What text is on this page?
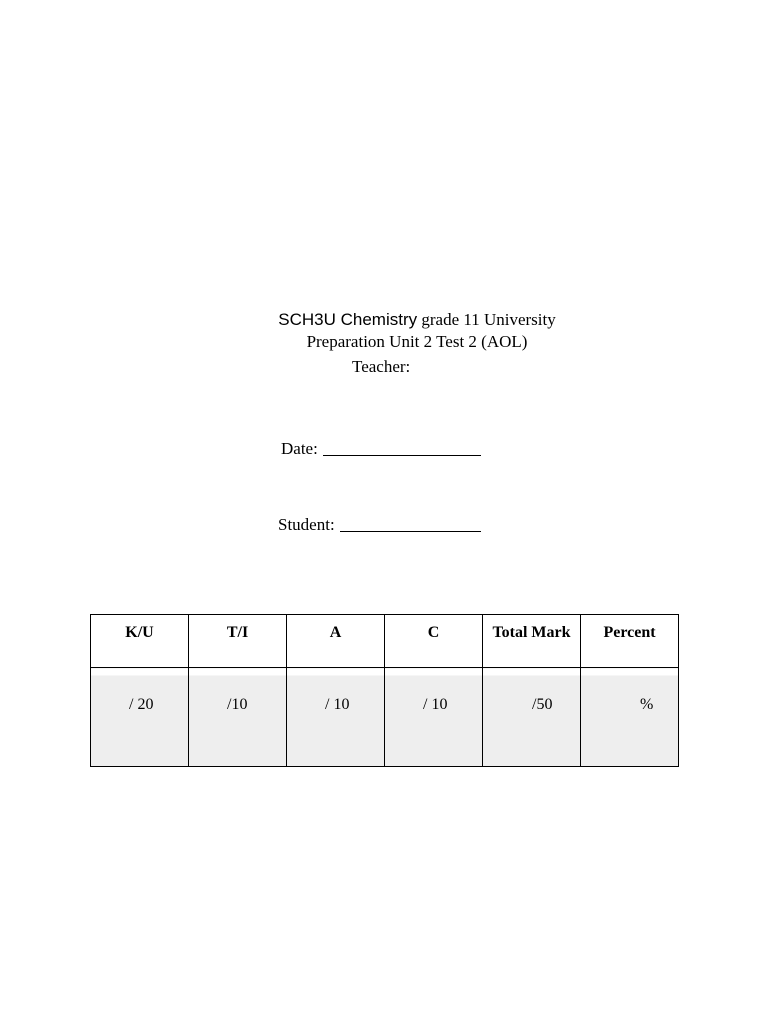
SCH3U Chemistry grade 11 University
Preparation Unit 2 Test 2 (AOL)
Teacher:
Date:
Student:
K/U	T/I	A	C	Total Mark	Percent
/ 20	/10	/ 10	/ 10	/50	%
